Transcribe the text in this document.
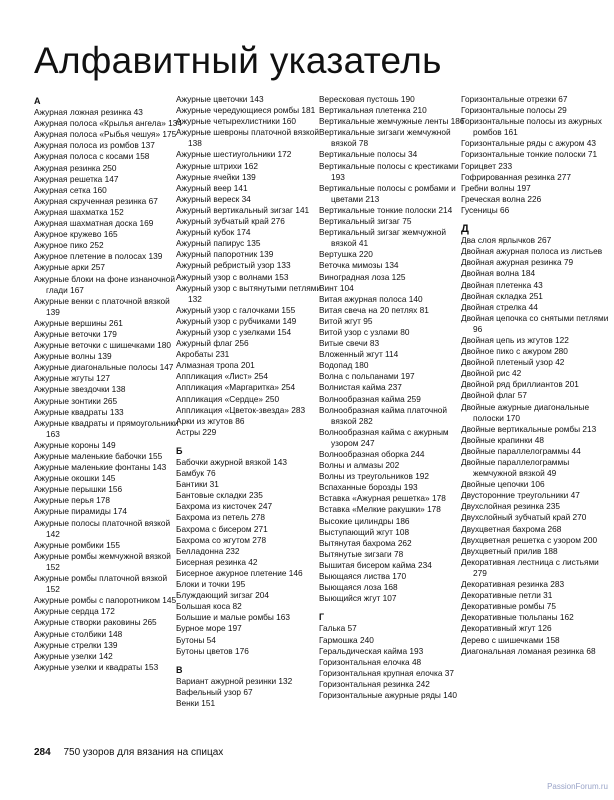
Алфавитный указатель
А
Ажурная ложная резинка 43
Ажурная полоса «Крылья ангела» 134
Ажурная полоса «Рыбья чешуя» 175
Ажурная полоса из ромбов 137
Ажурная полоса с косами 158
Ажурная резинка 250
Ажурная решетка 147
Ажурная сетка 160
Ажурная скрученная резинка 67
Ажурная шахматка 152
Ажурная шахматная доска 169
Ажурное кружево 165
Ажурное пико 252
Ажурное плетение в полосах 139
Ажурные арки 257
Ажурные блоки на фоне изнаночной глади 167
Ажурные венки с платочной вязкой 139
Ажурные вершины 261
Ажурные веточки 179
Ажурные веточки с шишечками 180
Ажурные волны 139
Ажурные диагональные полосы 147
Ажурные жгуты 127
Ажурные звездочки 138
Ажурные зонтики 265
Ажурные квадраты 133
Ажурные квадраты и прямоугольники 163
Ажурные короны 149
Ажурные маленькие бабочки 155
Ажурные маленькие фонтаны 143
Ажурные окошки 145
Ажурные перышки 156
Ажурные перья 178
Ажурные пирамиды 174
Ажурные полосы платочной вязкой 142
Ажурные ромбики 155
Ажурные ромбы жемчужной вязкой 152
Ажурные ромбы платочной вязкой 152
Ажурные ромбы с папоротником 145
Ажурные сердца 172
Ажурные створки раковины 265
Ажурные столбики 148
Ажурные стрелки 139
Ажурные узелки 142
Ажурные узелки и квадраты 153
Ажурные цветочки 143
Ажурные чередующиеся ромбы 181
Ажурные четырехлистники 160
Ажурные шевроны платочной вязкой 138
Ажурные шестиугольники 172
Ажурные штрихи 162
Ажурные ячейки 139
Ажурный веер 141
Ажурный вереск 34
Ажурный вертикальный зигзаг 141
Ажурный зубчатый край 276
Ажурный кубок 174
Ажурный папирус 135
Ажурный папоротник 139
Ажурный ребристый узор 133
Ажурный узор с волнами 153
Ажурный узор с вытянутыми петлями 132
Ажурный узор с галочками 155
Ажурный узор с рубчиками 149
Ажурный узор с узелками 154
Ажурный флаг 256
Акробаты 231
Алмазная тропа 201
Аппликация «Лист» 254
Аппликация «Маргаритка» 254
Аппликация «Сердце» 250
Аппликация «Цветок-звезда» 283
Арки из жгутов 86
Астры 229
Б
Бабочки ажурной вязкой 143
Бамбук 76
Бантики 31
Бантовые складки 235
Бахрома из кисточек 247
Бахрома из петель 278
Бахрома с бисером 271
Бахрома со жгутом 278
Белладонна 232
Бисерная резинка 42
Бисерное ажурное плетение 146
Блоки и точки 195
Блуждающий зигзаг 204
Большая коса 82
Большие и малые ромбы 163
Бурное море 197
Бутоны 54
Бутоны цветов 176
В
Вариант ажурной резинки 132
Вафельный узор 67
Венки 151
Вересковая пустошь 190
Вертикальная плетенка 210
Вертикальные жемчужные ленты 186
Вертикальные зигзаги жемчужной вязкой 78
Вертикальные полосы 34
Вертикальные полосы с крестиками 193
Вертикальные полосы с ромбами и цветами 213
Вертикальные тонкие полоски 214
Вертикальный зигзаг 75
Вертикальный зигзаг жемчужной вязкой 41
Вертушка 220
Веточка мимозы 134
Виноградная лоза 125
Винт 104
Витая ажурная полоса 140
Витая свеча на 20 петлях 81
Витой жгут 95
Витой узор с узлами 80
Витые свечи 83
Вложенный жгут 114
Водопад 180
Волна с польпанами 197
Волнистая кайма 237
Волнообразная кайма 259
Волнообразная кайма платочной вязкой 282
Волнообразная кайма с ажурным узором 247
Волнообразная оборка 244
Волны и алмазы 202
Волны из треугольников 192
Вспаханные борозды 193
Вставка «Ажурная решетка» 178
Вставка «Мелкие ракушки» 178
Высокие цилиндры 186
Выступающий жгут 108
Вытянутая бахрома 262
Вытянутые зигзаги 78
Вышитая бисером кайма 234
Выющаяся листва 170
Выющаяся лоза 168
Выющийся жгут 107
Г
Галька 57
Гармошка 240
Геральдическая кайма 193
Горизонтальная елочка 48
Горизонтальная крупная елочка 37
Горизонтальная резинка 242
Горизонтальные ажурные ряды 140
Горизонтальные отрезки 67
Горизонтальные полосы 29
Горизонтальные полосы из ажурных ромбов 161
Горизонтальные ряды с ажуром 43
Горизонтальные тонкие полоски 71
Горицвет 233
Гофрированная резинка 277
Гребни волны 197
Греческая волна 226
Гусеницы 66
Д
Два слоя ярлычков 267
Двойная ажурная полоса из листьев
Двойная ажурная резинка 79
Двойная волна 184
Двойная плетенка 43
Двойная складка 251
Двойная стрелка 44
Двойная цепочка со снятыми петлями 96
Двойная цепь из жгутов 122
Двойное пико с ажуром 280
Двойной плетеный узор 42
Двойной рис 42
Двойной ряд бриллиантов 201
Двойной флаг 57
Двойные ажурные диагональные полоски 170
Двойные вертикальные ромбы 213
Двойные крапинки 48
Двойные параллелограммы 44
Двойные параллелограммы жемчужной вязкой 49
Двойные цепочки 106
Двусторонние треугольники 47
Двухслойная резинка 235
Двухслойный зубчатый край 270
Двухцветная бахрома 268
Двухцветная решетка с узором 200
Двухцветный прилив 188
Декоративная лестница с листьями 279
Декоративная резинка 283
Декоративные петли 31
Декоративные ромбы 75
Декоративные тюльпаны 162
Декоративный жгут 126
Дерево с шишечками 158
Диагональная ломаная резинка 68
284 750 узоров для вязания на спицах
PassionForum.ru
